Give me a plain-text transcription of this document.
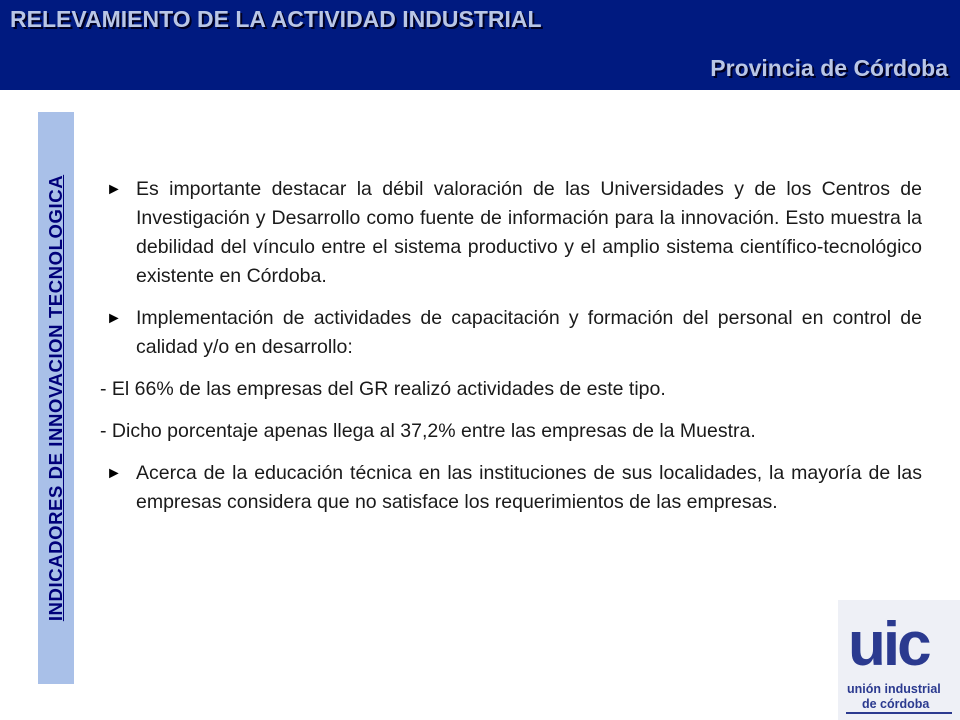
RELEVAMIENTO DE LA ACTIVIDAD INDUSTRIAL
Provincia de Córdoba
INDICADORES DE INNOVACION TECNOLOGICA	► Es importante destacar la débil valoración de las Universidades y de los Centros de Investigación y Desarrollo como fuente de información para la innovación. Esto muestra la debilidad del vínculo entre el sistema productivo y el amplio sistema científico-tecnológico existente en Córdoba.
► Implementación de actividades de capacitación y formación del personal en control de calidad y/o en desarrollo:
- El 66% de las empresas del GR realizó actividades de este tipo.
- Dicho porcentaje apenas llega al 37,2% entre las empresas de la Muestra.
► Acerca de la educación técnica en las instituciones de sus localidades, la mayoría de las empresas considera que no satisface los requerimientos de las empresas.
uic
unión industrial
de córdoba
